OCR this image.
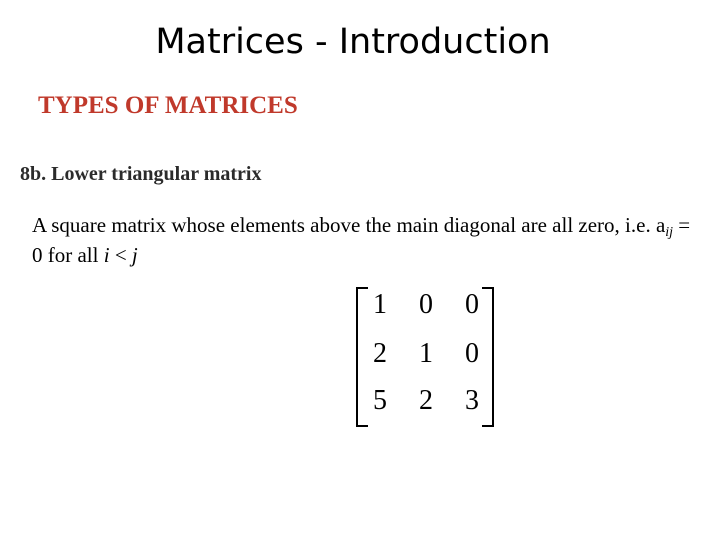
Matrices - Introduction
TYPES OF MATRICES
8b. Lower triangular matrix
A square matrix whose elements above the main diagonal are all zero, i.e. $a_{ij} = 0$ for all i < j
1 0 0
2 1 0
5 2 3
